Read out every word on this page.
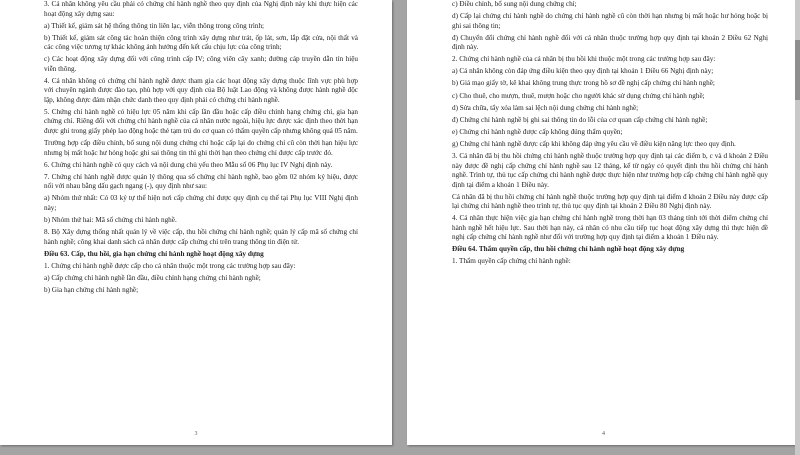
3. Cá nhân không yêu cầu phải có chứng chỉ hành nghề theo quy định của Nghị định này khi thực hiện các hoạt động xây dựng sau:

a) Thiết kế, giám sát hệ thống thông tin liên lạc, viễn thông trong công trình;

b) Thiết kế, giám sát công tác hoàn thiện công trình xây dựng như trát, ốp lát, sơn, lắp đặt cửa, nội thất và các công việc tương tự khác không ảnh hưởng đến kết cấu chịu lực của công trình;

c) Các hoạt động xây dựng đối với công trình cấp IV; công viên cây xanh; đường cáp truyền dẫn tín hiệu viễn thông.

4. Cá nhân không có chứng chỉ hành nghề được tham gia các hoạt động xây dựng thuộc lĩnh vực phù hợp với chuyên ngành được đào tạo, phù hợp với quy định của Bộ luật Lao động và không được hành nghề độc lập, không được đảm nhận chức danh theo quy định phải có chứng chỉ hành nghề.

5. Chứng chỉ hành nghề có hiệu lực 05 năm khi cấp lần đầu hoặc cấp điều chỉnh hạng chứng chỉ, gia hạn chứng chỉ. Riêng đối với chứng chỉ hành nghề của cá nhân nước ngoài, hiệu lực được xác định theo thời hạn được ghi trong giấy phép lao động hoặc thẻ tạm trú do cơ quan có thẩm quyền cấp nhưng không quá 05 năm.

Trường hợp cấp điều chỉnh, bổ sung nội dung chứng chỉ hoặc cấp lại do chứng chỉ cũ còn thời hạn hiệu lực nhưng bị mất hoặc hư hỏng hoặc ghi sai thông tin thì ghi thời hạn theo chứng chỉ được cấp trước đó.

6. Chứng chỉ hành nghề có quy cách và nội dung chủ yếu theo Mẫu số 06 Phụ lục IV Nghị định này.

7. Chứng chỉ hành nghề được quản lý thông qua số chứng chỉ hành nghề, bao gồm 02 nhóm ký hiệu, được nối với nhau bằng dấu gạch ngang (-), quy định như sau:

a) Nhóm thứ nhất: Có 03 ký tự thể hiện nơi cấp chứng chỉ được quy định cụ thể tại Phụ lục VIII Nghị định này;

b) Nhóm thứ hai: Mã số chứng chỉ hành nghề.

8. Bộ Xây dựng thống nhất quản lý về việc cấp, thu hồi chứng chỉ hành nghề; quản lý cấp mã số chứng chỉ hành nghề; công khai danh sách cá nhân được cấp chứng chỉ trên trang thông tin điện tử.

Điều 63. Cấp, thu hồi, gia hạn chứng chỉ hành nghề hoạt động xây dựng

1. Chứng chỉ hành nghề được cấp cho cá nhân thuộc một trong các trường hợp sau đây:

a) Cấp chứng chỉ hành nghề lần đầu, điều chỉnh hạng chứng chỉ hành nghề;

b) Gia hạn chứng chỉ hành nghề;

3

c) Điều chỉnh, bổ sung nội dung chứng chỉ;

d) Cấp lại chứng chỉ hành nghề do chứng chỉ hành nghề cũ còn thời hạn nhưng bị mất hoặc hư hỏng hoặc bị ghi sai thông tin;

đ) Chuyển đổi chứng chỉ hành nghề đối với cá nhân thuộc trường hợp quy định tại khoản 2 Điều 62 Nghị định này.

2. Chứng chỉ hành nghề của cá nhân bị thu hồi khi thuộc một trong các trường hợp sau đây:

a) Cá nhân không còn đáp ứng điều kiện theo quy định tại khoản 1 Điều 66 Nghị định này;

b) Giả mạo giấy tờ, kê khai không trung thực trong hồ sơ đề nghị cấp chứng chỉ hành nghề;

c) Cho thuê, cho mượn, thuê, mượn hoặc cho người khác sử dụng chứng chỉ hành nghề;

d) Sửa chữa, tẩy xóa làm sai lệch nội dung chứng chỉ hành nghề;

đ) Chứng chỉ hành nghề bị ghi sai thông tin do lỗi của cơ quan cấp chứng chỉ hành nghề;

e) Chứng chỉ hành nghề được cấp không đúng thẩm quyền;

g) Chứng chỉ hành nghề được cấp khi không đáp ứng yêu cầu về điều kiện năng lực theo quy định.

3. Cá nhân đã bị thu hồi chứng chỉ hành nghề thuộc trường hợp quy định tại các điểm b, c và d khoản 2 Điều này được đề nghị cấp chứng chỉ hành nghề sau 12 tháng, kể từ ngày có quyết định thu hồi chứng chỉ hành nghề. Trình tự, thủ tục cấp chứng chỉ hành nghề được thực hiện như trường hợp cấp chứng chỉ hành nghề quy định tại điểm a khoản 1 Điều này.

Cá nhân đã bị thu hồi chứng chỉ hành nghề thuộc trường hợp quy định tại điểm đ khoản 2 Điều này được cấp lại chứng chỉ hành nghề theo trình tự, thủ tục quy định tại khoản 2 Điều 80 Nghị định này.

4. Cá nhân thực hiện việc gia hạn chứng chỉ hành nghề trong thời hạn 03 tháng tính tới thời điểm chứng chỉ hành nghề hết hiệu lực. Sau thời hạn này, cá nhân có nhu cầu tiếp tục hoạt động xây dựng thì thực hiện đề nghị cấp chứng chỉ hành nghề như đối với trường hợp quy định tại điểm a khoản 1 Điều này.

Điều 64. Thẩm quyền cấp, thu hồi chứng chỉ hành nghề hoạt động xây dựng

1. Thẩm quyền cấp chứng chỉ hành nghề:

4
